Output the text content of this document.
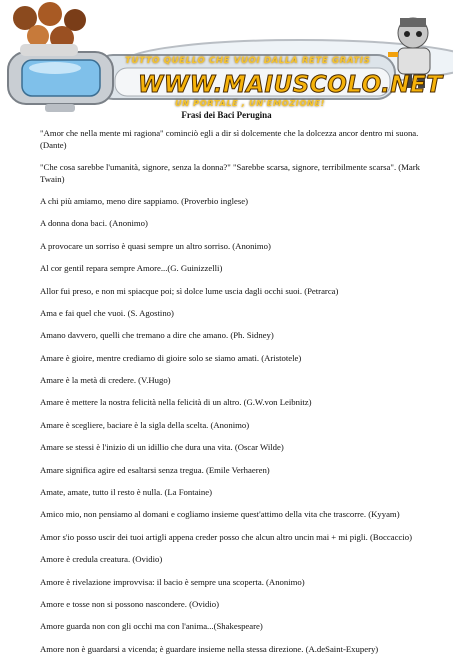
TUTTO QUELLO CHE VUOI DALLA RETE GRATIS
WWW.MAIUSCOLO.NET
UN PORTALE , UN'EMOZIONE!
Frasi dei Baci Perugina

"Amor che nella mente mi ragiona" cominciò egli a dir sì dolcemente che la dolcezza ancor dentro mi suona. (Dante)

"Che cosa sarebbe l'umanità, signore, senza la donna?" "Sarebbe scarsa, signore, terribilmente scarsa". (Mark Twain)

A chi più amiamo, meno dire sappiamo. (Proverbio inglese)

A donna dona baci. (Anonimo)

A provocare un sorriso è quasi sempre un altro sorriso. (Anonimo)

Al cor gentil repara sempre Amore...(G. Guinizzelli)

Allor fui preso, e non mi spiacque poi; sì dolce lume uscia dagli occhi suoi. (Petrarca)

Ama e fai quel che vuoi. (S. Agostino)

Amano davvero, quelli che tremano a dire che amano. (Ph. Sidney)

Amare è gioire, mentre crediamo di gioire solo se siamo amati. (Aristotele)

Amare è la metà di credere. (V.Hugo)

Amare è mettere la nostra felicità nella felicità di un altro. (G.W.von Leibnitz)

Amare è scegliere, baciare è la sigla della scelta. (Anonimo)

Amare se stessi è l'inizio di un idillio che dura una vita. (Oscar Wilde)

Amare significa agire ed esaltarsi senza tregua. (Emile Verhaeren)

Amate, amate, tutto il resto è nulla. (La Fontaine)

Amico mio, non pensiamo al domani e cogliamo insieme quest'attimo della vita che trascorre. (Kyyam)

Amor s'io posso uscir dei tuoi artigli appena creder posso che alcun altro uncin mai + mi pigli. (Boccaccio)

Amore è credula creatura. (Ovidio)

Amore è rivelazione improvvisa: il bacio è sempre una scoperta. (Anonimo)

Amore e tosse non si possono nascondere. (Ovidio)

Amore guarda non con gli occhi ma con l'anima...(Shakespeare)

Amore non è guardarsi a vicenda; è guardare insieme nella stessa direzione. (A.deSaint-Exupery)
